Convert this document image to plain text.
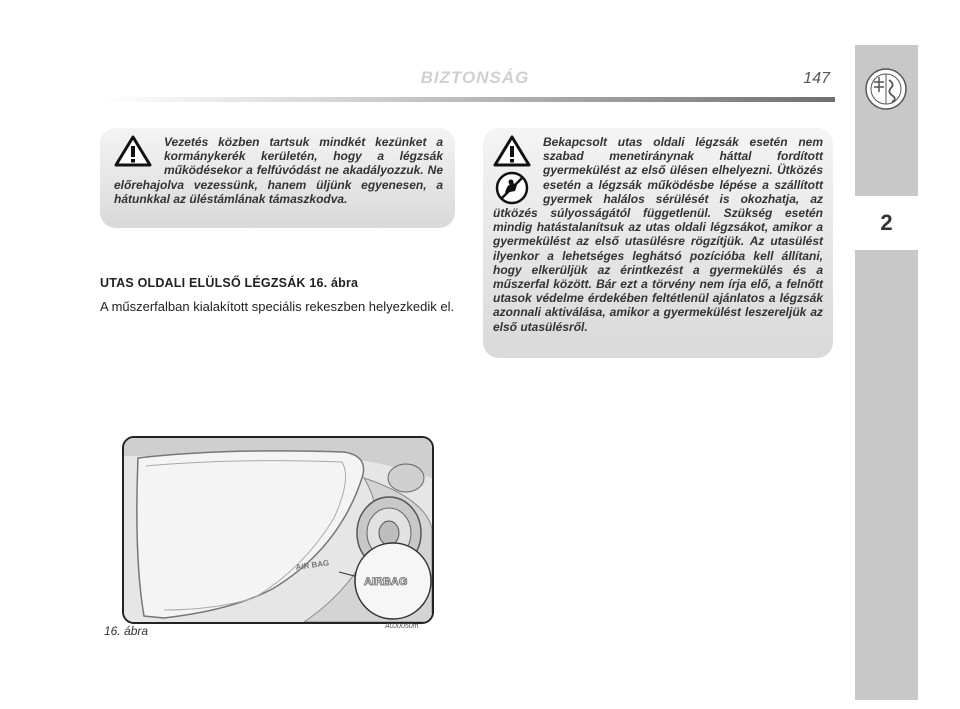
BIZTONSÁG	147
2
Vezetés közben tartsuk mindkét kezünket a kormánykerék kerületén, hogy a légzsák működésekor a felfúvódást ne akadályozzuk. Ne előrehajolva vezessünk, hanem üljünk egyenesen, a hátunkkal az üléstámlának támaszkodva.
Bekapcsolt utas oldali légzsák esetén nem szabad menetiránynak háttal fordított gyermekülést az első ülésen elhelyezni. Ütközés esetén a légzsák működésbe lépése a szállított gyermek halálos sérülését is okozhatja, az ütközés súlyosságától függetlenül. Szükség esetén mindig hatástalanítsuk az utas oldali légzsákot, amikor a gyermekülést az első utasülésre rögzítjük. Az utasülést ilyenkor a lehetséges leghátsó pozícióba kell állítani, hogy elkerüljük az érintkezést a gyermekülés és a műszerfal között. Bár ezt a törvény nem írja elő, a felnőtt utasok védelme érdekében feltétlenül ajánlatos a légzsák azonnali aktiválása, amikor a gyermekülést leszereljük az első utasülésről.
UTAS OLDALI ELÜLSŐ LÉGZSÁK 16. ábra
A műszerfalban kialakított speciális rekeszben helyezkedik el.
AIR BAG
AIRBAG
16. ábra	A0J0050m
